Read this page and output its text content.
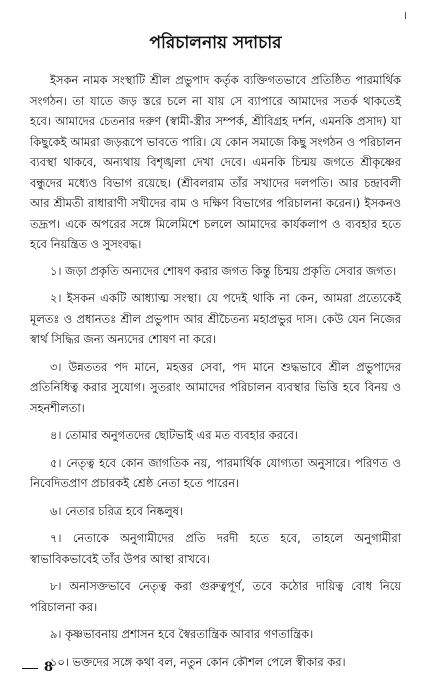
।
পরিচালনায় সদাচার

ইসকন নামক সংস্থাটি শ্রীল প্রভুপাদ কর্তৃক ব্যক্তিগতভাবে প্রতিষ্ঠিত পারমার্থিক সংগঠন। তা যাতে জড় স্তরে চলে না যায় সে ব্যাপারে আমাদের সতর্ক থাকতেই হবে। আমাদের চেতনার দরুণ (স্বামী-স্ত্রীর সম্পর্ক, শ্রীবিগ্রহ দর্শন, এমনকি প্রসাদ) যা কিছুকেই আমরা জড়রূপে ভাবতে পারি। যে কোন সমাজে কিছু সংগঠন ও পরিচালন ব্যবস্থা থাকবে, অন্যথায় বিশৃঙ্খলা দেখা দেবে। এমনকি চিন্ময় জগতে শ্রীকৃষ্ণের বন্ধুদের মধ্যেও বিভাগ রয়েছে। (শ্রীবলরাম তাঁর সখাদের দলপতি। আর চন্দ্রাবলী আর শ্রীমতী রাধারাণী সখীদের বাম ও দক্ষিণ বিভাগের পরিচালনা করেন।) ইসকনও তদ্রূপ। একে অপরের সঙ্গে মিলেমিশে চললে আমাদের কার্যকলাপ ও ব্যবহার হতে হবে নিয়ন্ত্রিত ও সুসংবদ্ধ।

১। জড়া প্রকৃতি অন্যদের শোষণ করার জগত কিন্তু চিন্ময় প্রকৃতি সেবার জগত।
২। ইসকন একটি আধ্যাত্ম সংস্থা। যে পদেই থাকি না কেন, আমরা প্রত্যেকেই মূলতঃ ও প্রধানতঃ শ্রীল প্রভুপাদ আর শ্রীচৈতন্য মহাপ্রভুর দাস। কেউ যেন নিজের স্বার্থ সিদ্ধির জন্য অন্যদের শোষণ না করে।
৩। উন্নততর পদ মানে, মহত্তর সেবা, পদ মানে শুদ্ধভাবে শ্রীল প্রভুপাদের প্রতিনিধিত্ব করার সুযোগ। সুতরাং আমাদের পরিচালন ব্যবস্থার ভিত্তি হবে বিনয় ও সহনশীলতা।
৪। তোমার অনুগতদের ছোটভাই এর মত ব্যবহার করবে।
৫। নেতৃত্ব হবে কোন জাগতিক নয়, পারমার্থিক যোগ্যতা অনুসারে। পরিণত ও নিবেদিতপ্রাণ প্রচারকই শ্রেষ্ঠ নেতা হতে পারেন।
৬। নেতার চরিত্র হবে নিষ্কলুষ।
৭। নেতাকে অনুগামীদের প্রতি দরদী হতে হবে, তাহলে অনুগামীরা স্বাভাবিকভাবেই তাঁর উপর আস্থা রাখবে।
৮। অনাসক্তভাবে নেতৃত্ব করা গুরুত্বপূর্ণ, তবে কঠোর দায়িত্ব বোধ নিয়ে পরিচালনা কর।
৯। কৃষ্ণভাবনায় প্রশাসন হবে স্বৈরতান্ত্রিক আবার গণতান্ত্রিক।
১০। ভক্তদের সঙ্গে কথা বল, নতুন কোন কৌশল পেলে স্বীকার কর।
8
